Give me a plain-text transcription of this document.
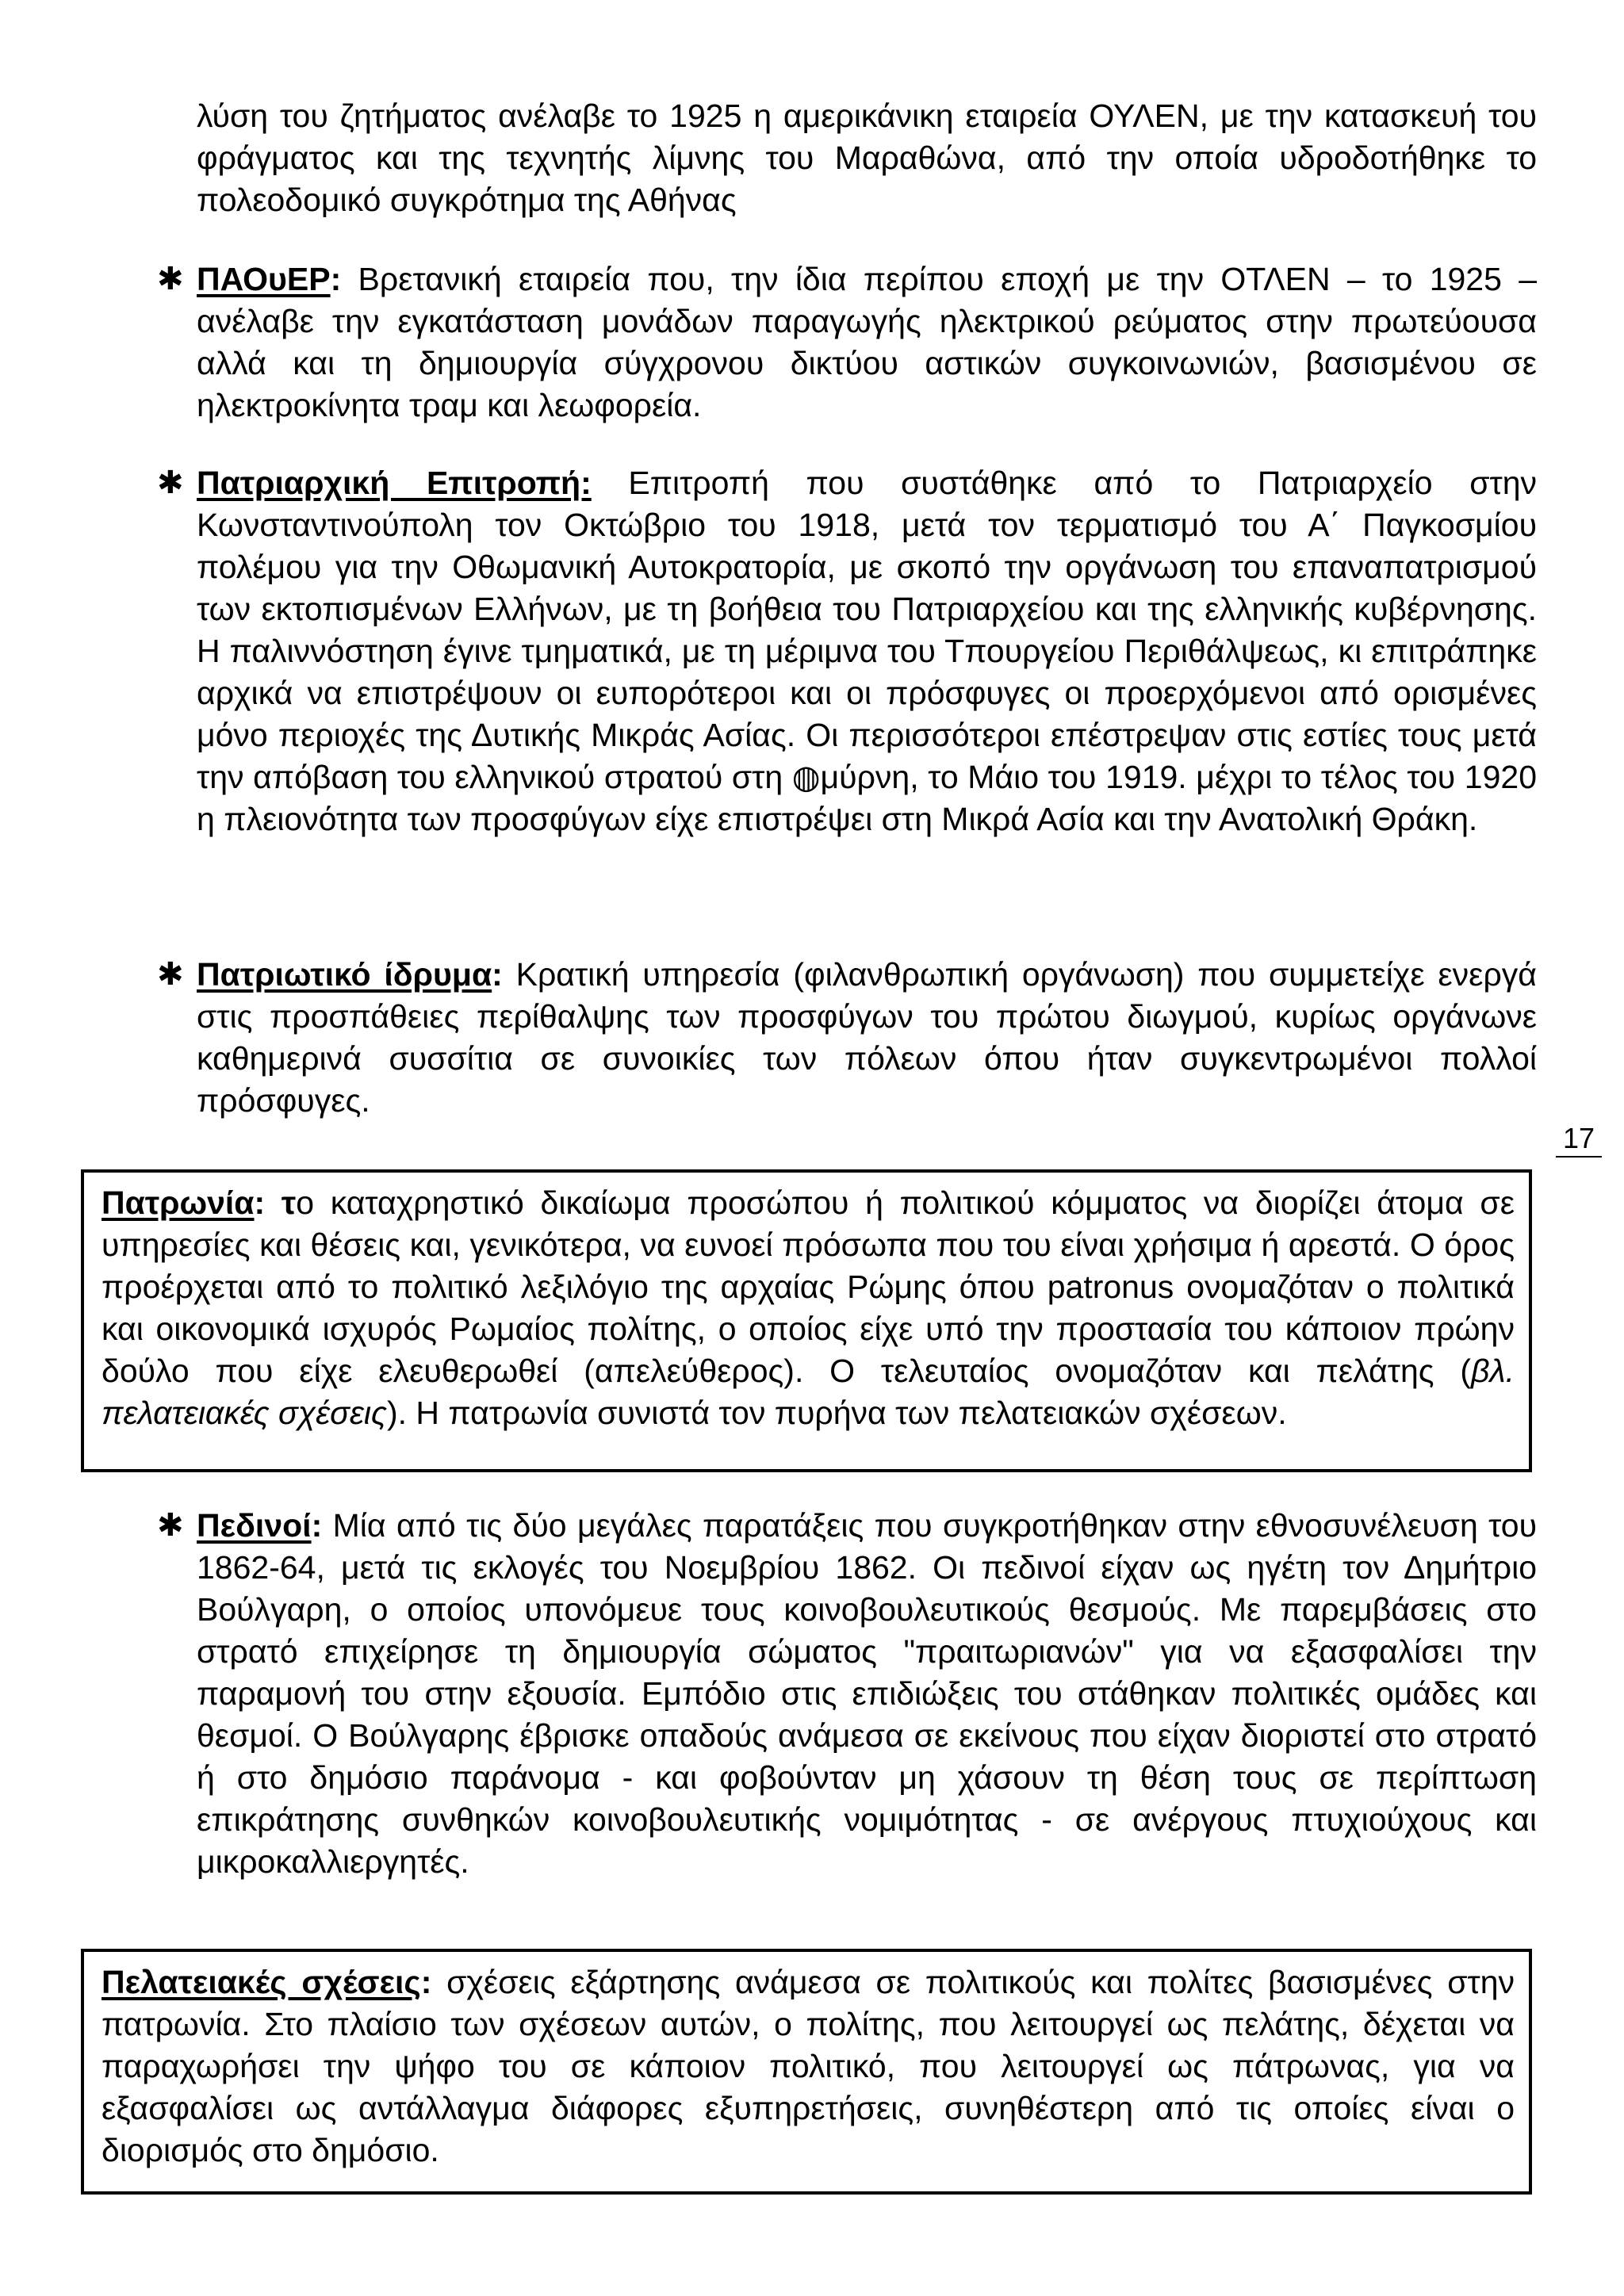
λύση του ζητήματος ανέλαβε το 1925 η αμερικάνικη εταιρεία ΟΥΛΕΝ, με την κατασκευή του φράγματος και της τεχνητής λίμνης του Μαραθώνα, από την οποία υδροδοτήθηκε το πολεοδομικό συγκρότημα της Αθήνας

✱ ΠΑΟυΕΡ: Βρετανική εταιρεία που, την ίδια περίπου εποχή με την ΟΤΛΕΝ – το 1925 – ανέλαβε την εγκατάσταση μονάδων παραγωγής ηλεκτρικού ρεύματος στην πρωτεύουσα αλλά και τη δημιουργία σύγχρονου δικτύου αστικών συγκοινωνιών, βασισμένου σε ηλεκτροκίνητα τραμ και λεωφορεία.

✱ Πατριαρχική Επιτροπή: Επιτροπή που συστάθηκε από το Πατριαρχείο στην Κωνσταντινούπολη τον Οκτώβριο του 1918, μετά τον τερματισμό του Α΄ Παγκοσμίου πολέμου για την Οθωμανική Αυτοκρατορία, με σκοπό την οργάνωση του επαναπατρισμού των εκτοπισμένων Ελλήνων, με τη βοήθεια του Πατριαρχείου και της ελληνικής κυβέρνησης. Η παλιννόστηση έγινε τμηματικά, με τη μέριμνα του Τπουργείου Περιθάλψεως, κι επιτράπηκε αρχικά να επιστρέψουν οι ευπορότεροι και οι πρόσφυγες οι προερχόμενοι από ορισμένες μόνο περιοχές της Δυτικής Μικράς Ασίας. Οι περισσότεροι επέστρεψαν στις εστίες τους μετά την απόβαση του ελληνικού στρατού στη ◍μύρνη, το Μάιο του 1919. μέχρι το τέλος του 1920 η πλειονότητα των προσφύγων είχε επιστρέψει στη Μικρά Ασία και την Ανατολική Θράκη.

✱ Πατριωτικό ίδρυμα: Κρατική υπηρεσία (φιλανθρωπική οργάνωση) που συμμετείχε ενεργά στις προσπάθειες περίθαλψης των προσφύγων του πρώτου διωγμού, κυρίως οργάνωνε καθημερινά συσσίτια σε συνοικίες των πόλεων όπου ήταν συγκεντρωμένοι πολλοί πρόσφυγες.

17

Πατρωνία: το καταχρηστικό δικαίωμα προσώπου ή πολιτικού κόμματος να διορίζει άτομα σε υπηρεσίες και θέσεις και, γενικότερα, να ευνοεί πρόσωπα που του είναι χρήσιμα ή αρεστά. Ο όρος προέρχεται από το πολιτικό λεξιλόγιο της αρχαίας Ρώμης όπου patronus ονομαζόταν ο πολιτικά και οικονομικά ισχυρός Ρωμαίος πολίτης, ο οποίος είχε υπό την προστασία του κάποιον πρώην δούλο που είχε ελευθερωθεί (απελεύθερος). Ο τελευταίος ονομαζόταν και πελάτης (βλ. πελατειακές σχέσεις). Η πατρωνία συνιστά τον πυρήνα των πελατειακών σχέσεων.

✱ Πεδινοί: Μία από τις δύο μεγάλες παρατάξεις που συγκροτήθηκαν στην εθνοσυνέλευση του 1862-64, μετά τις εκλογές του Νοεμβρίου 1862. Οι πεδινοί είχαν ως ηγέτη τον Δημήτριο Βούλγαρη, ο οποίος υπονόμευε τους κοινοβουλευτικούς θεσμούς. Με παρεμβάσεις στο στρατό επιχείρησε τη δημιουργία σώματος "πραιτωριανών" για να εξασφαλίσει την παραμονή του στην εξουσία. Εμπόδιο στις επιδιώξεις του στάθηκαν πολιτικές ομάδες και θεσμοί. Ο Βούλγαρης έβρισκε οπαδούς ανάμεσα σε εκείνους που είχαν διοριστεί στο στρατό ή στο δημόσιο παράνομα - και φοβούνταν μη χάσουν τη θέση τους σε περίπτωση επικράτησης συνθηκών κοινοβουλευτικής νομιμότητας - σε ανέργους πτυχιούχους και μικροκαλλιεργητές.

Πελατειακές σχέσεις: σχέσεις εξάρτησης ανάμεσα σε πολιτικούς και πολίτες βασισμένες στην πατρωνία. Στο πλαίσιο των σχέσεων αυτών, ο πολίτης, που λειτουργεί ως πελάτης, δέχεται να παραχωρήσει την ψήφο του σε κάποιον πολιτικό, που λειτουργεί ως πάτρωνας, για να εξασφαλίσει ως αντάλλαγμα διάφορες εξυπηρετήσεις, συνηθέστερη από τις οποίες είναι ο διορισμός στο δημόσιο.
